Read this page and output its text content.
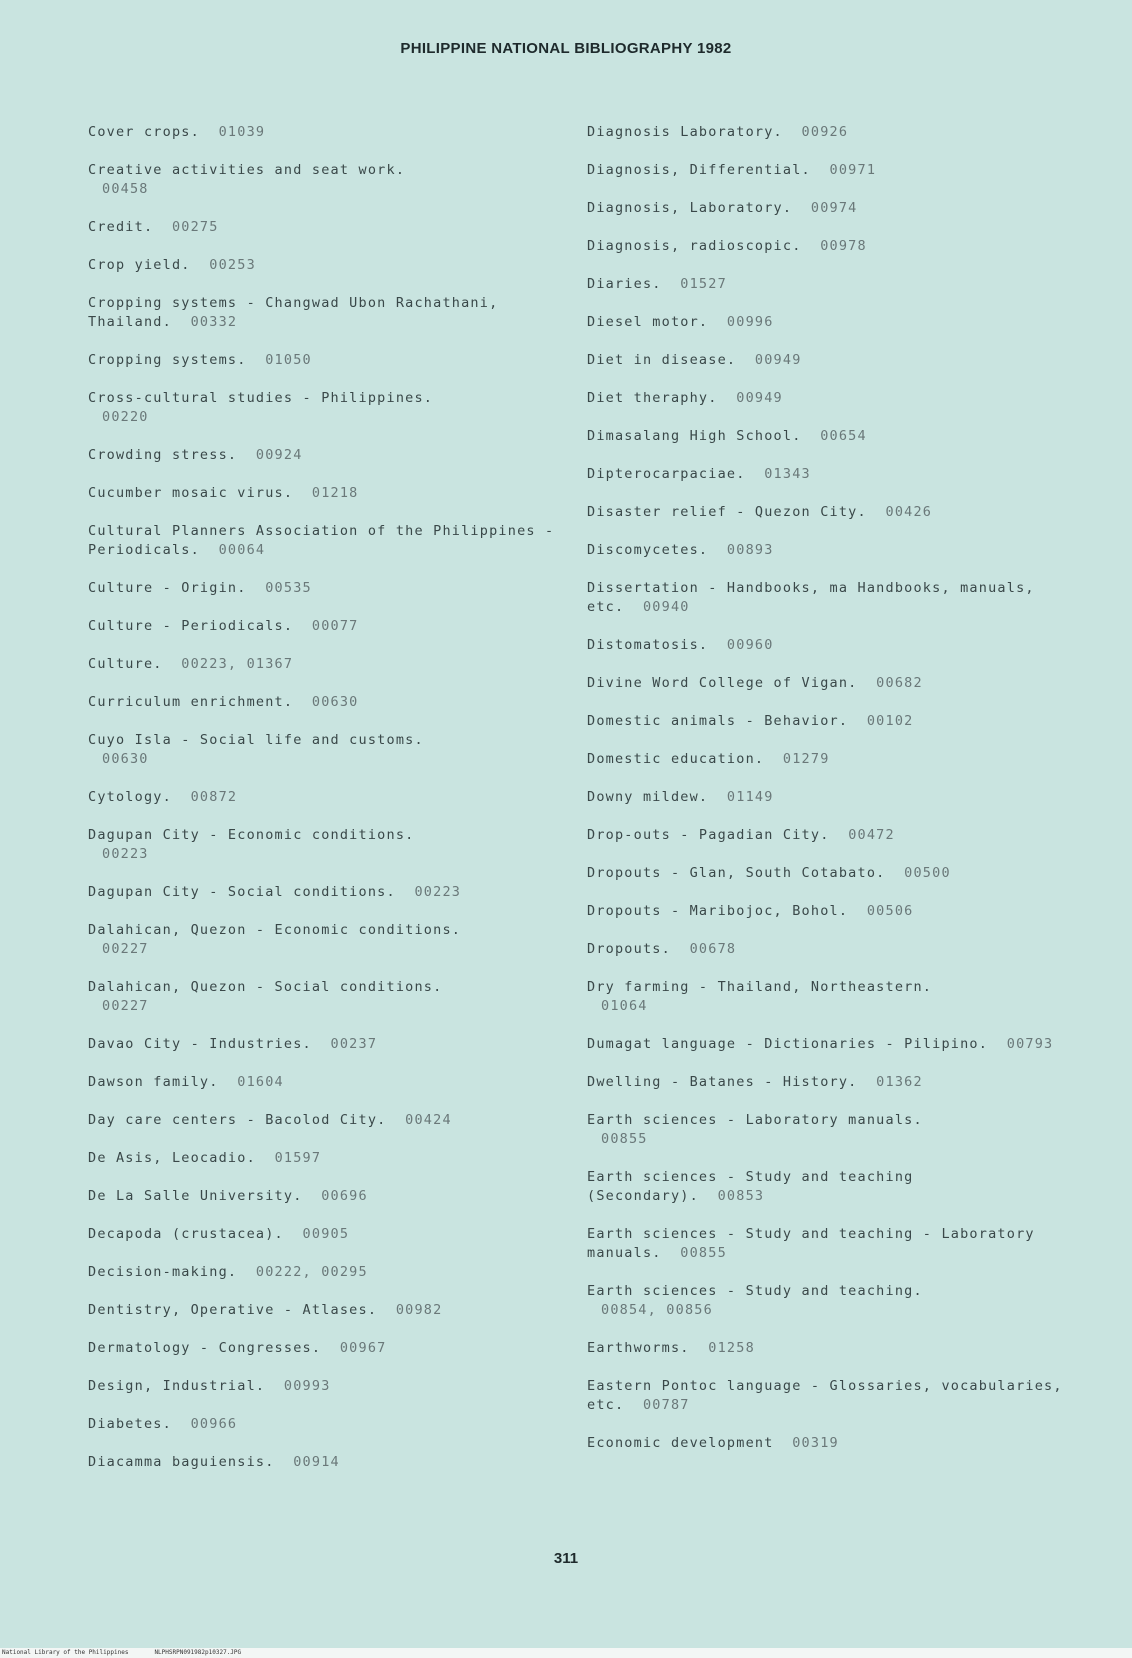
PHILIPPINE NATIONAL BIBLIOGRAPHY 1982
Cover crops. 01039
Creative activities and seat work.
00458
Credit. 00275
Crop yield. 00253
Cropping systems - Changwad Ubon Rachathani, Thailand. 00332
Cropping systems. 01050
Cross-cultural studies - Philippines.
00220
Crowding stress. 00924
Cucumber mosaic virus. 01218
Cultural Planners Association of the Philippines - Periodicals. 00064
Culture - Origin. 00535
Culture - Periodicals. 00077
Culture. 00223, 01367
Curriculum enrichment. 00630
Cuyo Isla - Social life and customs.
00630
Cytology. 00872
Dagupan City - Economic conditions.
00223
Dagupan City - Social conditions. 00223
Dalahican, Quezon - Economic conditions.
00227
Dalahican, Quezon - Social conditions.
00227
Davao City - Industries. 00237
Dawson family. 01604
Day care centers - Bacolod City. 00424
De Asis, Leocadio. 01597
De La Salle University. 00696
Decapoda (crustacea). 00905
Decision-making. 00222, 00295
Dentistry, Operative - Atlases. 00982
Dermatology - Congresses. 00967
Design, Industrial. 00993
Diabetes. 00966
Diacamma baguiensis. 00914
Diagnosis Laboratory. 00926
Diagnosis, Differential. 00971
Diagnosis, Laboratory. 00974
Diagnosis, radioscopic. 00978
Diaries. 01527
Diesel motor. 00996
Diet in disease. 00949
Diet theraphy. 00949
Dimasalang High School. 00654
Dipterocarpaciae. 01343
Disaster relief - Quezon City. 00426
Discomycetes. 00893
Dissertation - Handbooks, ma Handbooks, manuals, etc. 00940
Distomatosis. 00960
Divine Word College of Vigan. 00682
Domestic animals - Behavior. 00102
Domestic education. 01279
Downy mildew. 01149
Drop-outs - Pagadian City. 00472
Dropouts - Glan, South Cotabato. 00500
Dropouts - Maribojoc, Bohol. 00506
Dropouts. 00678
Dry farming - Thailand, Northeastern.
01064
Dumagat language - Dictionaries - Pilipino. 00793
Dwelling - Batanes - History. 01362
Earth sciences - Laboratory manuals.
00855
Earth sciences - Study and teaching (Secondary). 00853
Earth sciences - Study and teaching - Laboratory manuals. 00855
Earth sciences - Study and teaching.
00854, 00856
Earthworms. 01258
Eastern Pontoc language - Glossaries, vocabularies, etc. 00787
Economic development 00319
311
National Library of the Philippines	NLPHSRPN091982p10327.JPG
